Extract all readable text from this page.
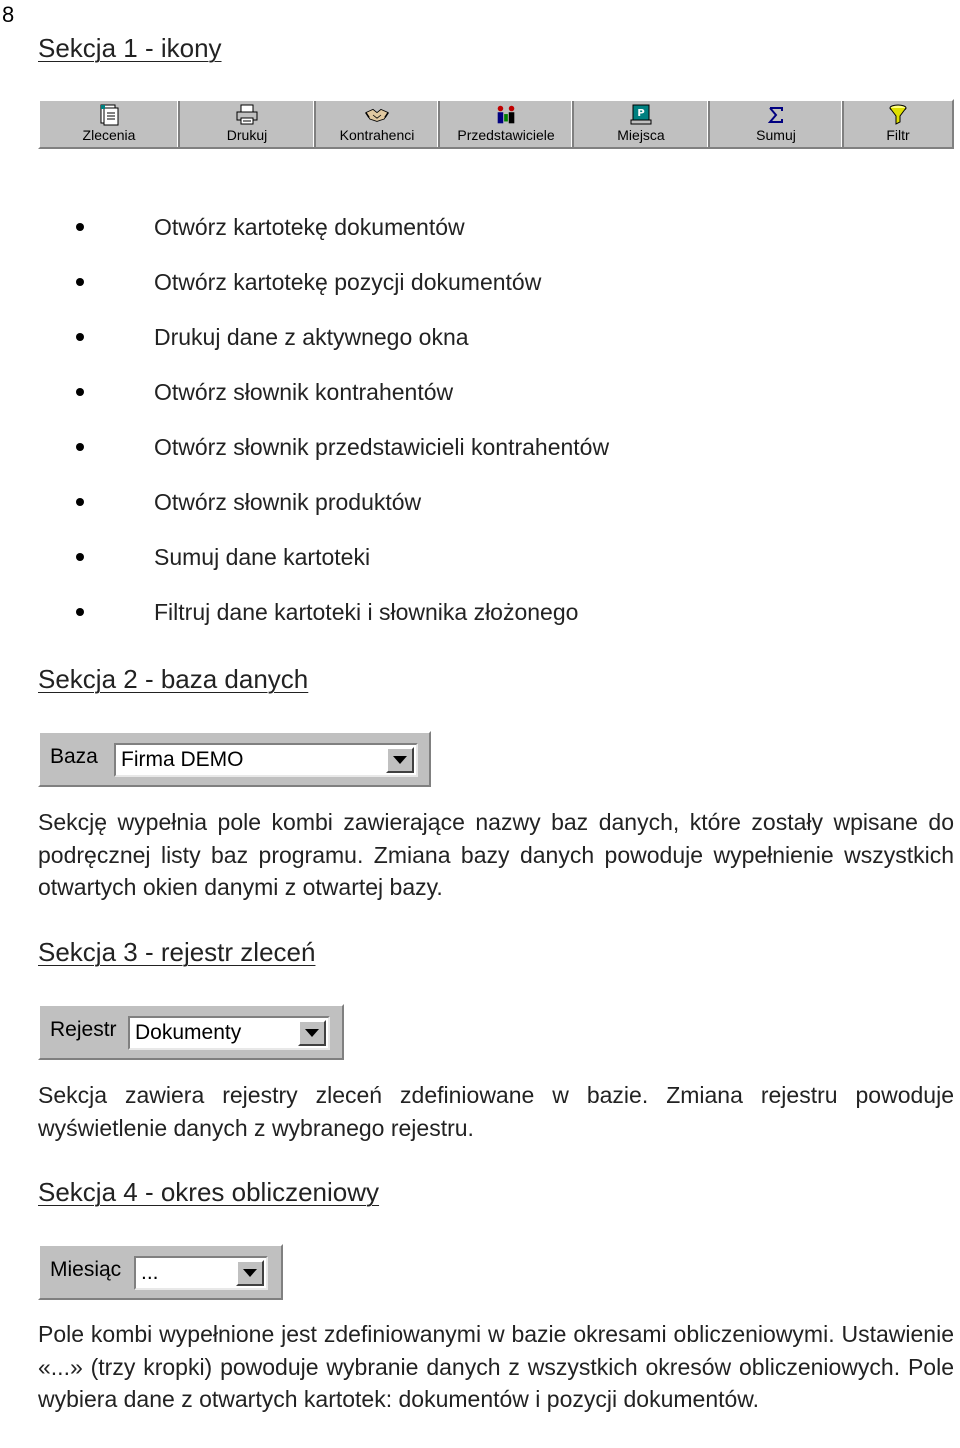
8
Sekcja 1 - ikony
Zlecenia	Drukuj	Kontrahenci	Przedstawiciele
P
Miejsca	Sumuj	Filtr
Otwórz kartotekę dokumentów
Otwórz kartotekę pozycji dokumentów
Drukuj dane z aktywnego okna
Otwórz słownik kontrahentów
Otwórz słownik przedstawicieli kontrahentów
Otwórz słownik produktów
Sumuj dane kartoteki
Filtruj dane kartoteki i słownika złożonego
Sekcja 2 - baza danych
Baza Firma DEMO
Sekcję wypełnia pole kombi zawierające nazwy baz danych, które zostały wpisane do podręcznej listy baz programu. Zmiana bazy danych powoduje wypełnienie wszystkich otwartych okien danymi z otwartej bazy.
Sekcja 3 - rejestr zleceń
Rejestr Dokumenty
Sekcja zawiera rejestry zleceń zdefiniowane w bazie. Zmiana rejestru powoduje wyświetlenie danych z wybranego rejestru.
Sekcja 4 - okres obliczeniowy
Miesiąc ...
Pole kombi wypełnione jest zdefiniowanymi w bazie okresami obliczeniowymi. Ustawienie «...» (trzy kropki) powoduje wybranie danych z wszystkich okresów obliczeniowych. Pole wybiera dane z otwartych kartotek: dokumentów i pozycji dokumentów.
